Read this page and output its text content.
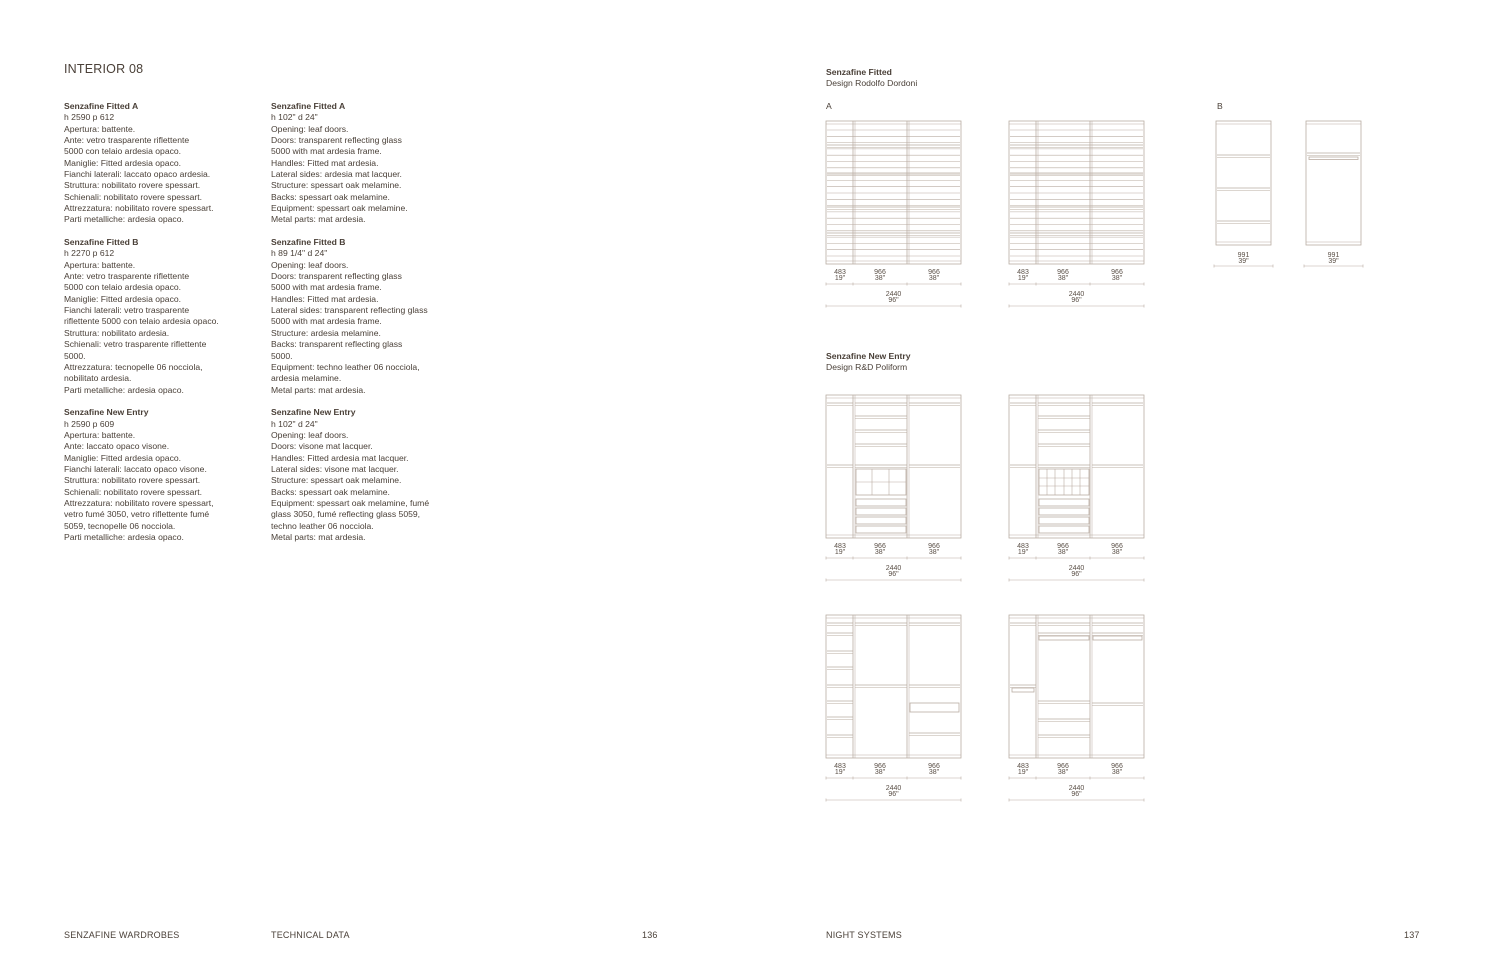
INTERIOR 08
Senzafine Fitted A
h 2590 p 612
Apertura: battente.
Ante: vetro trasparente riflettente
5000 con telaio ardesia opaco.
Maniglie: Fitted ardesia opaco.
Fianchi laterali: laccato opaco ardesia.
Struttura: nobilitato rovere spessart.
Schienali: nobilitato rovere spessart.
Attrezzatura: nobilitato rovere spessart.
Parti metalliche: ardesia opaco.
Senzafine Fitted B
h 2270 p 612
Apertura: battente.
Ante: vetro trasparente riflettente
5000 con telaio ardesia opaco.
Maniglie: Fitted ardesia opaco.
Fianchi laterali: vetro trasparente
riflettente 5000 con telaio ardesia opaco.
Struttura: nobilitato ardesia.
Schienali: vetro trasparente riflettente
5000.
Attrezzatura: tecnopelle 06 nocciola,
nobilitato ardesia.
Parti metalliche: ardesia opaco.
Senzafine New Entry
h 2590 p 609
Apertura: battente.
Ante: laccato opaco visone.
Maniglie: Fitted ardesia opaco.
Fianchi laterali: laccato opaco visone.
Struttura: nobilitato rovere spessart.
Schienali: nobilitato rovere spessart.
Attrezzatura: nobilitato rovere spessart,
vetro fumé 3050, vetro riflettente fumé
5059, tecnopelle 06 nocciola.
Parti metalliche: ardesia opaco.
Senzafine Fitted A
h 102" d 24"
Opening: leaf doors.
Doors: transparent reflecting glass
5000 with mat ardesia frame.
Handles: Fitted mat ardesia.
Lateral sides: ardesia mat lacquer.
Structure: spessart oak melamine.
Backs: spessart oak melamine.
Equipment: spessart oak melamine.
Metal parts: mat ardesia.
Senzafine Fitted B
h 89 1/4" d 24"
Opening: leaf doors.
Doors: transparent reflecting glass
5000 with mat ardesia frame.
Handles: Fitted mat ardesia.
Lateral sides: transparent reflecting glass
5000 with mat ardesia frame.
Structure: ardesia melamine.
Backs: transparent reflecting glass
5000.
Equipment: techno leather 06 nocciola,
ardesia melamine.
Metal parts: mat ardesia.
Senzafine New Entry
h 102" d 24"
Opening: leaf doors.
Doors: visone mat lacquer.
Handles: Fitted ardesia mat lacquer.
Lateral sides: visone mat lacquer.
Structure: spessart oak melamine.
Backs: spessart oak melamine.
Equipment: spessart oak melamine, fumé
glass 3050, fumé reflecting glass 5059,
techno leather 06 nocciola.
Metal parts: mat ardesia.
Senzafine Fitted
Design Rodolfo Dordoni
A	B
Senzafine New Entry
Design R&D Poliform
483
19"
966
38"
966
38"
2440
96"
483
19"
966
38"
966
38"
2440
96"
991
39"
991
39"
483
19"
966
38"
966
38"
2440
96"
483
19"
966
38"
966
38"
2440
96"
483
19"
966
38"
966
38"
2440
96"
483
19"
966
38"
966
38"
2440
96"
SENZAFINE WARDROBES	TECHNICAL DATA	136	NIGHT SYSTEMS	137
